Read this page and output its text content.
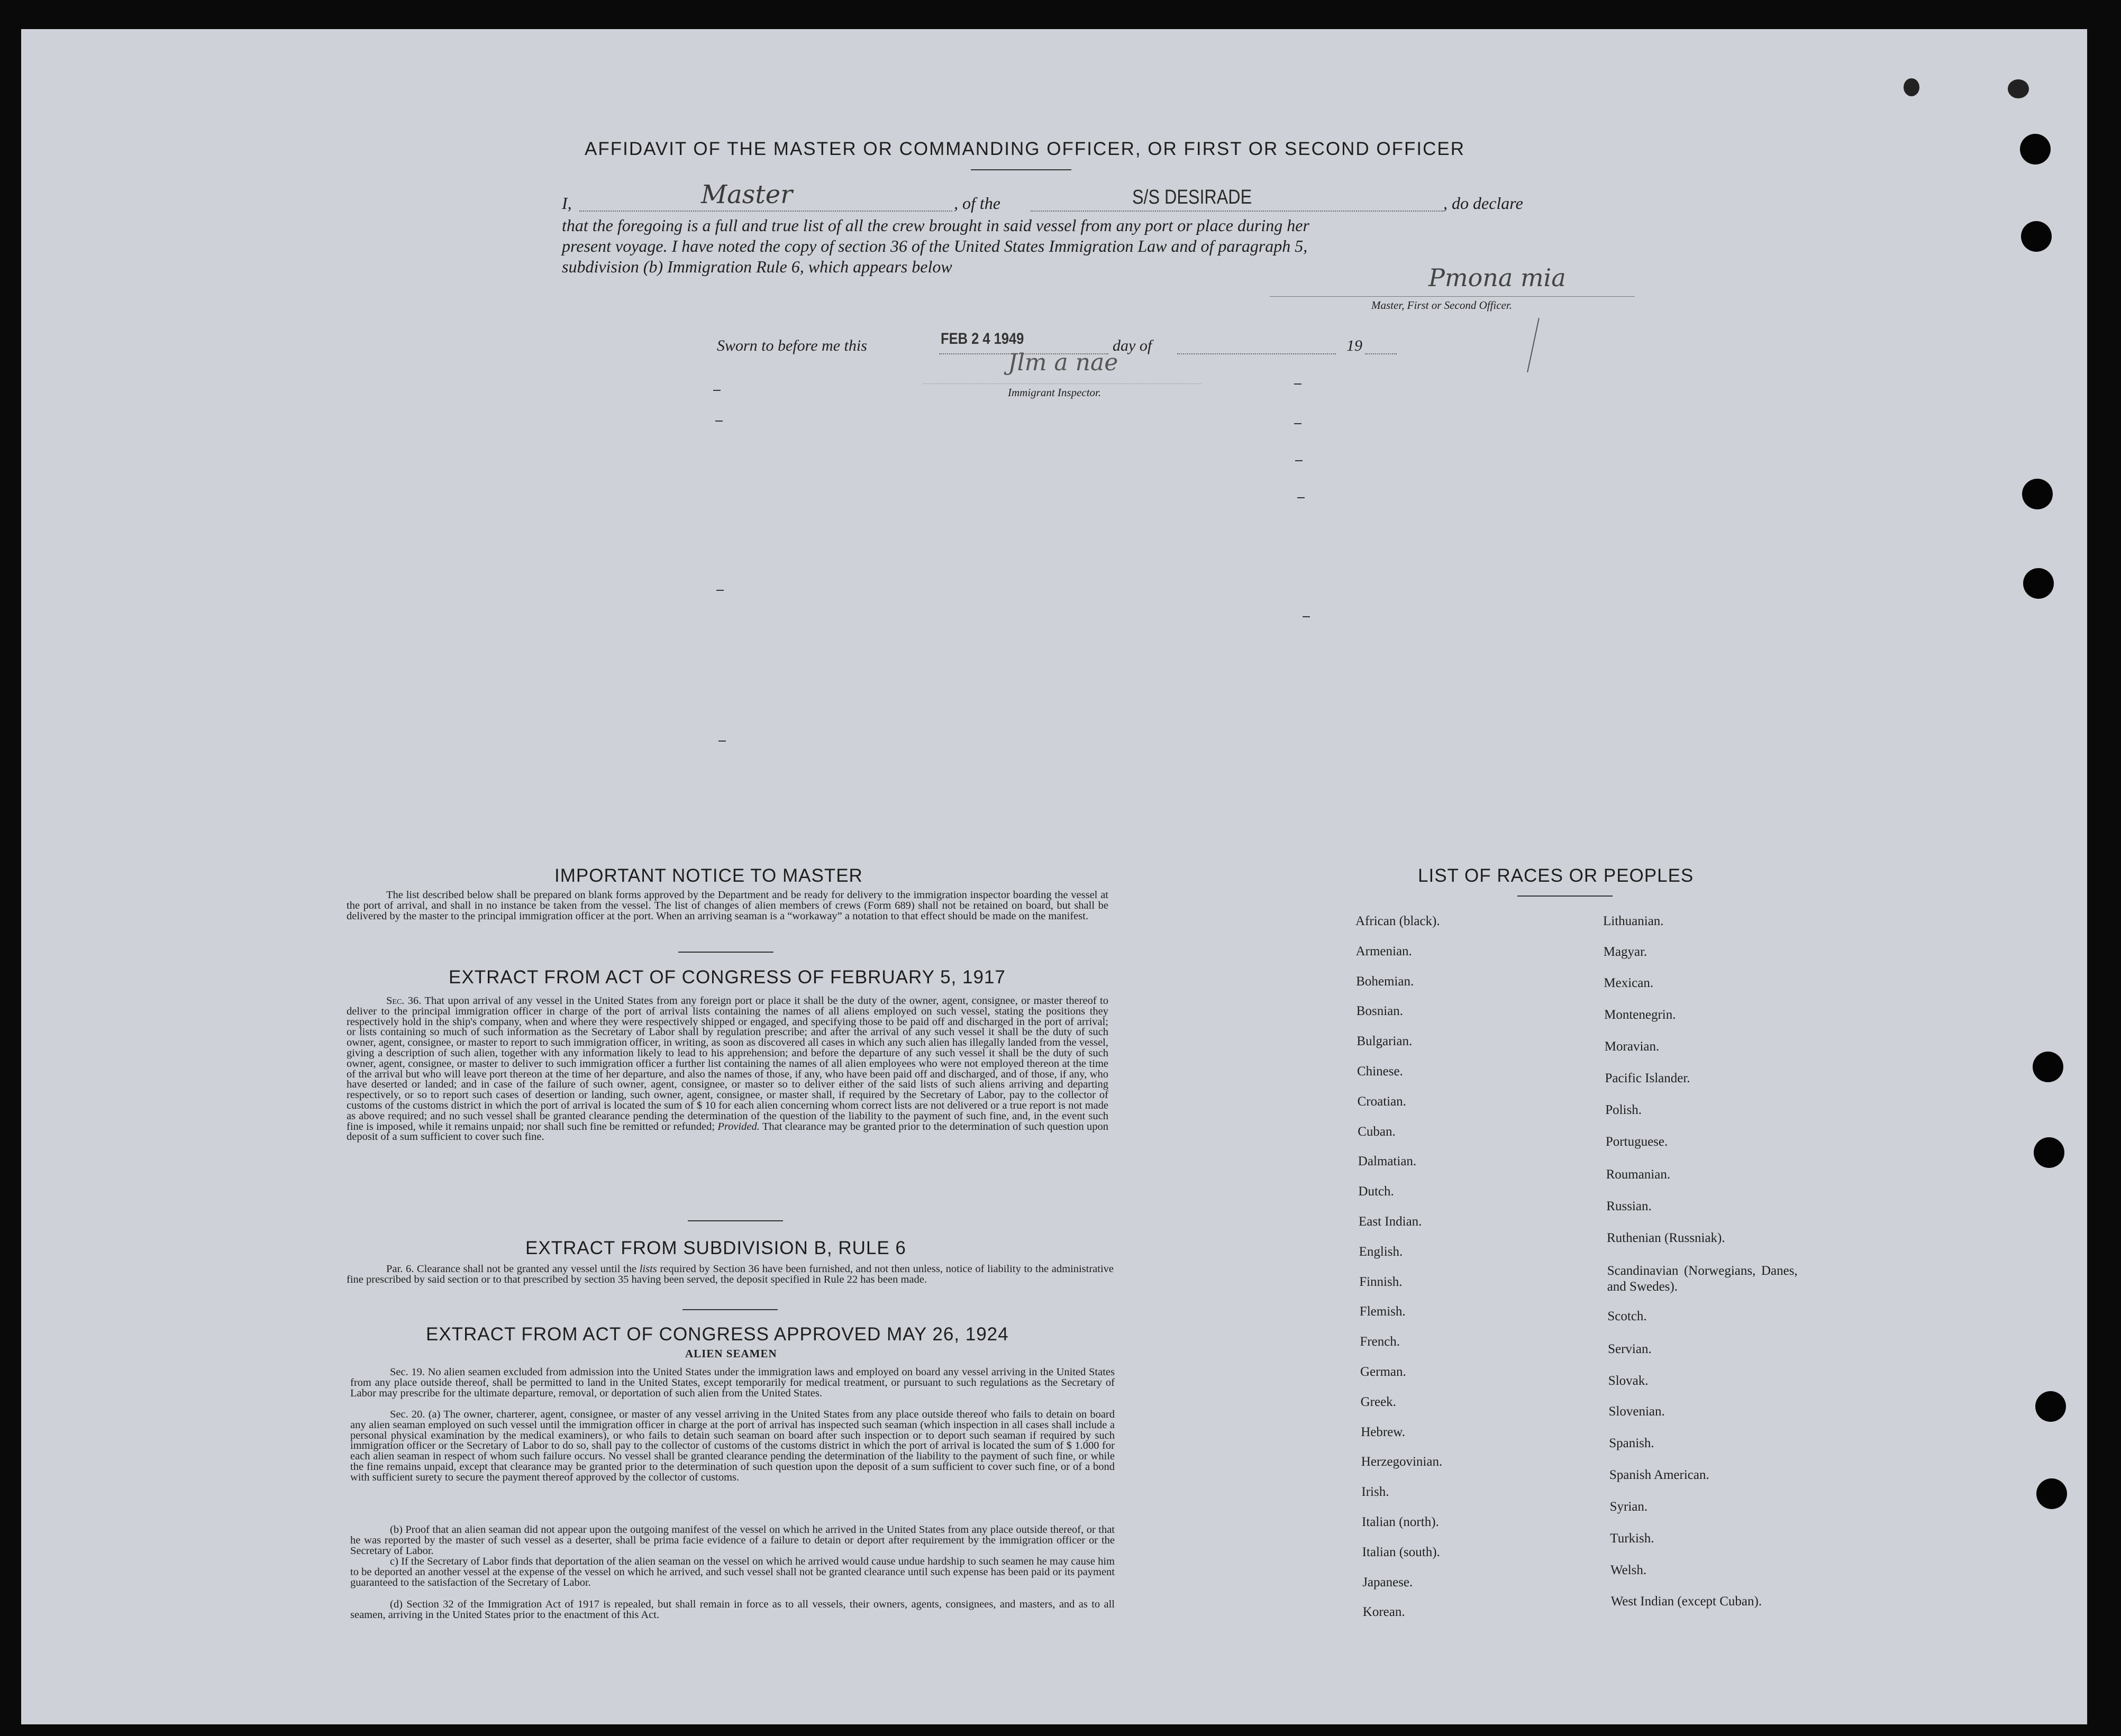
AFFIDAVIT OF THE MASTER OR COMMANDING OFFICER, OR FIRST OR SECOND OFFICER
I,	Master	, of the	S/S DESIRADE	, do declare
that the foregoing is a full and true list of all the crew brought in said vessel from any port or place during her
present voyage. I have noted the copy of section 36 of the United States Immigration Law and of paragraph 5,
subdivision (b) Immigration Rule 6, which appears below	Pmona mia
Master, First or Second Officer.
Sworn to before me this	FEB 2 4 1949	day of	19
Jlm a nae
Immigrant Inspector.
IMPORTANT NOTICE TO MASTER

The list described below shall be prepared on blank forms approved by the Department and be ready for delivery to the immigration inspector boarding the vessel at the port of arrival, and shall in no instance be taken from the vessel. The list of changes of alien members of crews (Form 689) shall not be retained on board, but shall be delivered by the master to the principal immigration officer at the port. When an arriving seaman is a “workaway” a notation to that effect should be made on the manifest.

EXTRACT FROM ACT OF CONGRESS OF FEBRUARY 5, 1917

Sec. 36. That upon arrival of any vessel in the United States from any foreign port or place it shall be the duty of the owner, agent, consignee, or master thereof to deliver to the principal immigration officer in charge of the port of arrival lists containing the names of all aliens employed on such vessel, stating the positions they respectively hold in the ship's company, when and where they were respectively shipped or engaged, and specifying those to be paid off and discharged in the port of arrival; or lists containing so much of such information as the Secretary of Labor shall by regulation prescribe; and after the arrival of any such vessel it shall be the duty of such owner, agent, consignee, or master to report to such immigration officer, in writing, as soon as discovered all cases in which any such alien has illegally landed from the vessel, giving a description of such alien, together with any information likely to lead to his apprehension; and before the departure of any such vessel it shall be the duty of such owner, agent, consignee, or master to deliver to such immigration officer a further list containing the names of all alien employees who were not employed thereon at the time of the arrival but who will leave port thereon at the time of her departure, and also the names of those, if any, who have been paid off and discharged, and of those, if any, who have deserted or landed; and in case of the failure of such owner, agent, consignee, or master so to deliver either of the said lists of such aliens arriving and departing respectively, or so to report such cases of desertion or landing, such owner, agent, consignee, or master shall, if required by the Secretary of Labor, pay to the collector of customs of the customs district in which the port of arrival is located the sum of $ 10 for each alien concerning whom correct lists are not delivered or a true report is not made as above required; and no such vessel shall be granted clearance pending the determination of the question of the liability to the payment of such fine, and, in the event such fine is imposed, while it remains unpaid; nor shall such fine be remitted or refunded; Provided. That clearance may be granted prior to the determination of such question upon deposit of a sum sufficient to cover such fine.

EXTRACT FROM SUBDIVISION B, RULE 6

Par. 6. Clearance shall not be granted any vessel until the lists required by Section 36 have been furnished, and not then unless, notice of liability to the administrative fine prescribed by said section or to that prescribed by section 35 having been served, the deposit specified in Rule 22 has been made.

EXTRACT FROM ACT OF CONGRESS APPROVED MAY 26, 1924
ALIEN SEAMEN

Sec. 19. No alien seamen excluded from admission into the United States under the immigration laws and employed on board any vessel arriving in the United States from any place outside thereof, shall be permitted to land in the United States, except temporarily for medical treatment, or pursuant to such regulations as the Secretary of Labor may prescribe for the ultimate departure, removal, or deportation of such alien from the United States.

Sec. 20. (a) The owner, charterer, agent, consignee, or master of any vessel arriving in the United States from any place outside thereof who fails to detain on board any alien seaman employed on such vessel until the immigration officer in charge at the port of arrival has inspected such seaman (which inspection in all cases shall include a personal physical examination by the medical examiners), or who fails to detain such seaman on board after such inspection or to deport such seaman if required by such immigration officer or the Secretary of Labor to do so, shall pay to the collector of customs of the customs district in which the port of arrival is located the sum of $ 1.000 for each alien seaman in respect of whom such failure occurs. No vessel shall be granted clearance pending the determination of the liability to the payment of such fine, or while the fine remains unpaid, except that clearance may be granted prior to the determination of such question upon the deposit of a sum sufficient to cover such fine, or of a bond with sufficient surety to secure the payment thereof approved by the collector of customs.

(b) Proof that an alien seaman did not appear upon the outgoing manifest of the vessel on which he arrived in the United States from any place outside thereof, or that he was reported by the master of such vessel as a deserter, shall be prima facie evidence of a failure to detain or deport after requirement by the immigration officer or the Secretary of Labor.

c) If the Secretary of Labor finds that deportation of the alien seaman on the vessel on which he arrived would cause undue hardship to such seamen he may cause him to be deported an another vessel at the expense of the vessel on which he arrived, and such vessel shall not be granted clearance until such expense has been paid or its payment guaranteed to the satisfaction of the Secretary of Labor.

(d) Section 32 of the Immigration Act of 1917 is repealed, but shall remain in force as to all vessels, their owners, agents, consignees, and masters, and as to all seamen, arriving in the United States prior to the enactment of this Act.

LIST OF RACES OR PEOPLES
African (black).
Armenian.
Bohemian.
Bosnian.
Bulgarian.
Chinese.
Croatian.
Cuban.
Dalmatian.
Dutch.
East Indian.
English.
Finnish.
Flemish.
French.
German.
Greek.
Hebrew.
Herzegovinian.
Irish.
Italian (north).
Italian (south).
Japanese.
Korean.
Lithuanian.
Magyar.
Mexican.
Montenegrin.
Moravian.
Pacific Islander.
Polish.
Portuguese.
Roumanian.
Russian.
Ruthenian (Russniak).
Scandinavian (Norwegians, Danes, and Swedes).
Scotch.
Servian.
Slovak.
Slovenian.
Spanish.
Spanish American.
Syrian.
Turkish.
Welsh.
West Indian (except Cuban).
